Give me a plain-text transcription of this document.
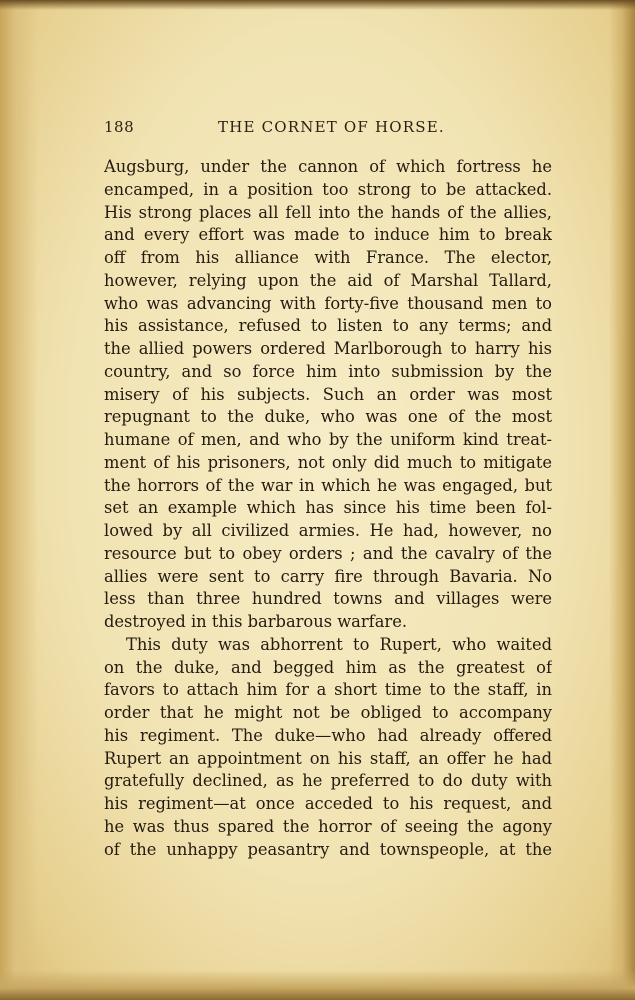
188	THE CORNET OF HORSE.
Augsburg, under the cannon of which fortress he
encamped, in a position too strong to be attacked.
His strong places all fell into the hands of the allies,
and every effort was made to induce him to break
off from his alliance with France. The elector,
however, relying upon the aid of Marshal Tallard,
who was advancing with forty-five thousand men to
his assistance, refused to listen to any terms; and
the allied powers ordered Marlborough to harry his
country, and so force him into submission by the
misery of his subjects. Such an order was most
repugnant to the duke, who was one of the most
humane of men, and who by the uniform kind treat-
ment of his prisoners, not only did much to mitigate
the horrors of the war in which he was engaged, but
set an example which has since his time been fol-
lowed by all civilized armies. He had, however, no
resource but to obey orders ; and the cavalry of the
allies were sent to carry fire through Bavaria. No
less than three hundred towns and villages were
destroyed in this barbarous warfare.
This duty was abhorrent to Rupert, who waited
on the duke, and begged him as the greatest of
favors to attach him for a short time to the staff, in
order that he might not be obliged to accompany
his regiment. The duke—who had already offered
Rupert an appointment on his staff, an offer he had
gratefully declined, as he preferred to do duty with
his regiment—at once acceded to his request, and
he was thus spared the horror of seeing the agony
of the unhappy peasantry and townspeople, at the
